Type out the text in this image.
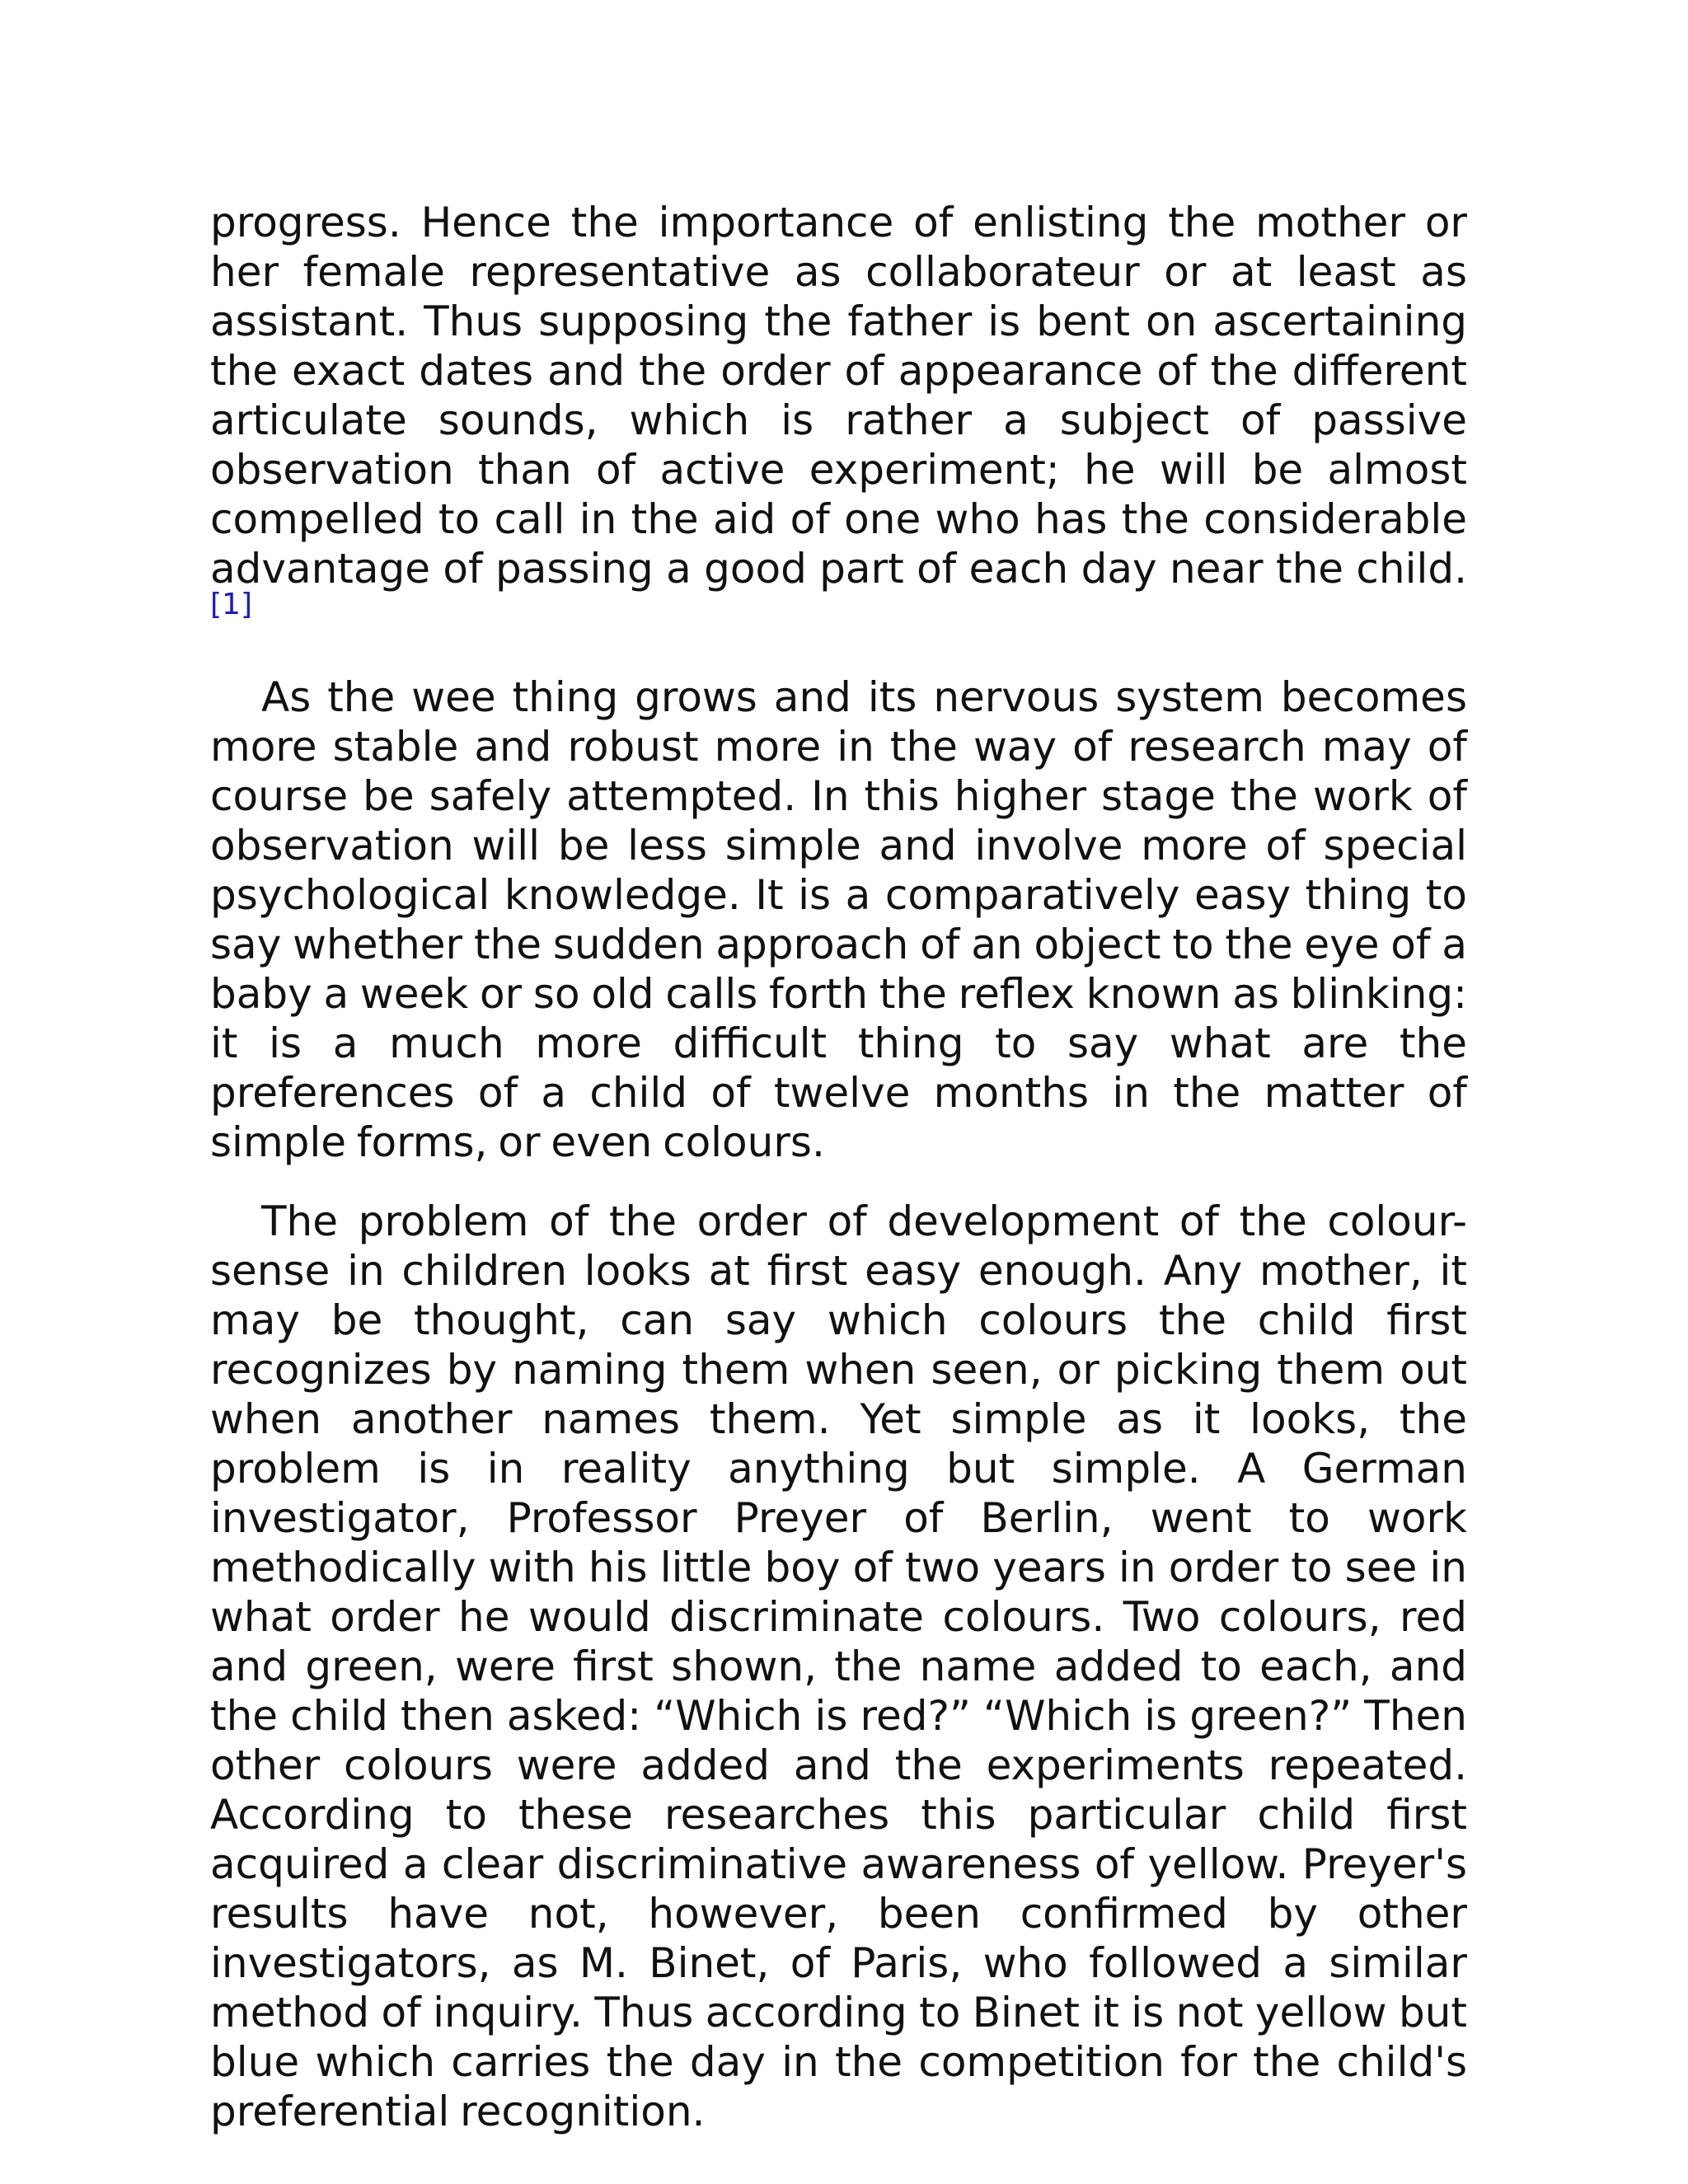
progress. Hence the importance of enlisting the mother or her female representative as collaborateur or at least as assistant. Thus supposing the father is bent on ascertaining the exact dates and the order of appearance of the different articulate sounds, which is rather a subject of passive observation than of active experiment; he will be almost compelled to call in the aid of one who has the considerable advantage of passing a good part of each day near the child.[1]

As the wee thing grows and its nervous system becomes more stable and robust more in the way of research may of course be safely attempted. In this higher stage the work of observation will be less simple and involve more of special psychological knowledge. It is a comparatively easy thing to say whether the sudden approach of an object to the eye of a baby a week or so old calls forth the reflex known as blinking: it is a much more difficult thing to say what are the preferences of a child of twelve months in the matter of simple forms, or even colours.

The problem of the order of development of the colour-sense in children looks at first easy enough. Any mother, it may be thought, can say which colours the child first recognizes by naming them when seen, or picking them out when another names them. Yet simple as it looks, the problem is in reality anything but simple. A German investigator, Professor Preyer of Berlin, went to work methodically with his little boy of two years in order to see in what order he would discriminate colours. Two colours, red and green, were first shown, the name added to each, and the child then asked: “Which is red?” “Which is green?” Then other colours were added and the experiments repeated. According to these researches this particular child first acquired a clear discriminative awareness of yellow. Preyer's results have not, however, been confirmed by other investigators, as M. Binet, of Paris, who followed a similar method of inquiry. Thus according to Binet it is not yellow but blue which carries the day in the competition for the child's preferential recognition.
